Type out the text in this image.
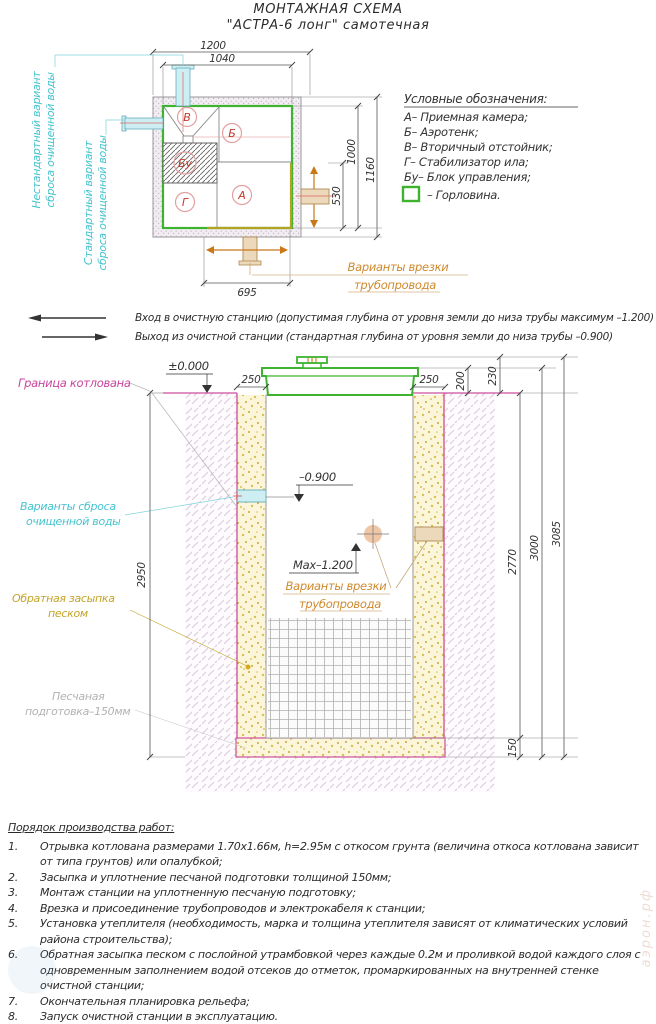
МОНТАЖНАЯ СХЕМА
"АСТРА-6 лонг" самотечная
В
Б
Бу
Г
А
1200
1040
695
530
1000
1160
Нестандартный вариант сброса очищенной воды Стандартный вариант сброса очищенной воды
Условные обозначения:
А– Приемная камера;
Б– Аэротенк;
В– Вторичный отстойник;
Г– Стабилизатор ила;
Бу– Блок управления;
– Горловина.
Варианты врезки
трубопровода
Вход в очистную станцию (допустимая глубина от уровня земли до низа трубы максимум –1.200)
Выход из очистной станции (стандартная глубина от уровня земли до низа трубы –0.900)
±0.000
–0.900
Max–1.200
Граница котлована
Варианты сброса
очищенной воды
Обратная засыпка
песком
Песчаная
подготовка–150мм
Варианты врезки
трубопровода
250	250 200 230
2950
2770
3000
3085
150
Порядок производства работ:
1.	Отрывка котлована размерами 1.70х1.66м, h=2.95м с откосом грунта (величина откоса котлована зависит от типа грунтов) или опалубкой;
2.	Засыпка и уплотнение песчаной подготовки толщиной 150мм;
3.	Монтаж станции на уплотненную песчаную подготовку;
4.	Врезка и присоединение трубопроводов и электрокабеля к станции;
5.	Установка утеплителя (необходимость, марка и толщина утеплителя зависят от климатических условий района строительства);
6.	Обратная засыпка песком с послойной утрамбовкой через каждые 0.2м и проливкой водой каждого слоя с одновременным заполнением водой отсеков до отметок, промаркированных на внутренней стенке очистной станции;
7.	Окончательная планировка рельефа;
8.	Запуск очистной станции в эксплуатацию.
аэрон.рф
